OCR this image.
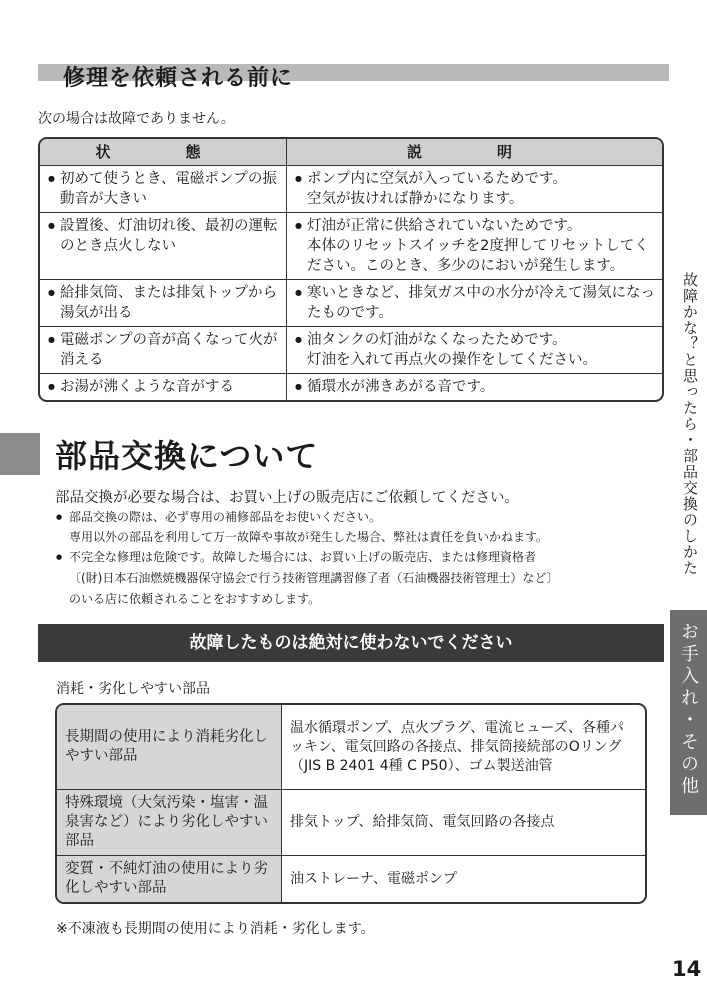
修理を依頼される前に
次の場合は故障でありません。
状　態	説　明

● 初めて使うとき、電磁ポンプの振動音が大きい	● ポンプ内に空気が入っているためです。
空気が抜ければ静かになります。

● 設置後、灯油切れ後、最初の運転のとき点火しない	● 灯油が正常に供給されていないためです。
本体のリセットスイッチを2度押してリセットしてください。このとき、多少のにおいが発生します。

● 給排気筒、または排気トップから湯気が出る	● 寒いときなど、排気ガス中の水分が冷えて湯気になったものです。

● 電磁ポンプの音が高くなって火が消える	● 油タンクの灯油がなくなったためです。
灯油を入れて再点火の操作をしてください。

● お湯が沸くような音がする	● 循環水が沸きあがる音です。
部品交換について
部品交換が必要な場合は、お買い上げの販売店にご依頼してください。
● 部品交換の際は、必ず専用の補修部品をお使いください。
専用以外の部品を利用して万一故障や事故が発生した場合、弊社は責任を負いかねます。
● 不完全な修理は危険です。故障した場合には、お買い上げの販売店、または修理資格者
〔(財)日本石油燃焼機器保守協会で行う技術管理講習修了者（石油機器技術管理士）など〕
のいる店に依頼されることをおすすめします。
故障したものは絶対に使わないでください
消耗・劣化しやすい部品
長期間の使用により消耗劣化しやすい部品	温水循環ポンプ、点火プラグ、電流ヒューズ、各種パッキン、電気回路の各接点、排気筒接続部のOリング（JIS B 2401 4種 C P50）、ゴム製送油管
特殊環境（大気汚染・塩害・温泉害など）により劣化しやすい部品	排気トップ、給排気筒、電気回路の各接点
変質・不純灯油の使用により劣化しやすい部品	油ストレーナ、電磁ポンプ
※不凍液も長期間の使用により消耗・劣化します。
故障かな？と思ったら・部品交換のしかた
お手入れ・その他
14
